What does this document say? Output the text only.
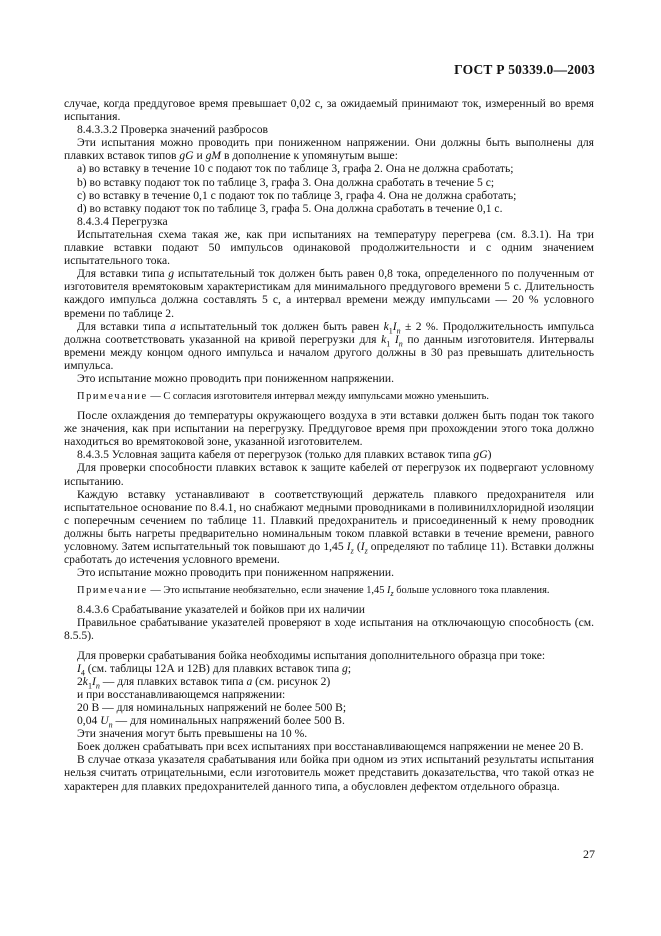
ГОСТ Р 50339.0—2003

случае, когда преддуговое время превышает 0,02 с, за ожидаемый принимают ток, измеренный во время испытания.

8.4.3.3.2 Проверка значений разбросов

Эти испытания можно проводить при пониженном напряжении. Они должны быть выполнены для плавких вставок типов gG и gM в дополнение к упомянутым выше:

a) во вставку в течение 10 с подают ток по таблице 3, графа 2. Она не должна сработать;

b) во вставку подают ток по таблице 3, графа 3. Она должна сработать в течение 5 с;

c) во вставку в течение 0,1 с подают ток по таблице 3, графа 4. Она не должна сработать;

d) во вставку подают ток по таблице 3, графа 5. Она должна сработать в течение 0,1 с.

8.4.3.4 Перегрузка

Испытательная схема такая же, как при испытаниях на температуру перегрева (см. 8.3.1). На три плавкие вставки подают 50 импульсов одинаковой продолжительности и с одним значением испытательного тока.

Для вставки типа g испытательный ток должен быть равен 0,8 тока, определенного по полученным от изготовителя времятоковым характеристикам для минимального преддугового времени 5 с. Длительность каждого импульса должна составлять 5 с, а интервал времени между импульсами — 20 % условного времени по таблице 2.

Для вставки типа a испытательный ток должен быть равен $k_1I_n \pm 2$ %. Продолжительность импульса должна соответствовать указанной на кривой перегрузки для $k_1$ $I_n$ по данным изготовителя. Интервалы времени между концом одного импульса и началом другого должны в 30 раз превышать длительность импульса.

Это испытание можно проводить при пониженном напряжении.

Примечание — С согласия изготовителя интервал между импульсами можно уменьшить.

После охлаждения до температуры окружающего воздуха в эти вставки должен быть подан ток такого же значения, как при испытании на перегрузку. Преддуговое время при прохождении этого тока должно находиться во времятоковой зоне, указанной изготовителем.

8.4.3.5 Условная защита кабеля от перегрузок (только для плавких вставок типа gG)

Для проверки способности плавких вставок к защите кабелей от перегрузок их подвергают условному испытанию.

Каждую вставку устанавливают в соответствующий держатель плавкого предохранителя или испытательное основание по 8.4.1, но снабжают медными проводниками в поливинилхлоридной изоляции с поперечным сечением по таблице 11. Плавкий предохранитель и присоединенный к нему проводник должны быть нагреты предварительно номинальным током плавкой вставки в течение времени, равного условному. Затем испытательный ток повышают до 1,45 $I_z$ ($I_z$ определяют по таблице 11). Вставки должны сработать до истечения условного времени.

Это испытание можно проводить при пониженном напряжении.

Примечание — Это испытание необязательно, если значение 1,45 $I_z$ больше условного тока плавления.

8.4.3.6 Срабатывание указателей и бойков при их наличии

Правильное срабатывание указателей проверяют в ходе испытания на отключающую способность (см. 8.5.5).

Для проверки срабатывания бойка необходимы испытания дополнительного образца при токе:

$I_4$ (см. таблицы 12А и 12В) для плавких вставок типа g;

$2k_1I_n$ — для плавких вставок типа a (см. рисунок 2)

и при восстанавливающемся напряжении:

20 В — для номинальных напряжений не более 500 В;

0,04 $U_n$ — для номинальных напряжений более 500 В.

Эти значения могут быть превышены на 10 %.

Боек должен срабатывать при всех испытаниях при восстанавливающемся напряжении не менее 20 В.

В случае отказа указателя срабатывания или бойка при одном из этих испытаний результаты испытания нельзя считать отрицательными, если изготовитель может представить доказательства, что такой отказ не характерен для плавких предохранителей данного типа, а обусловлен дефектом отдельного образца.

27
